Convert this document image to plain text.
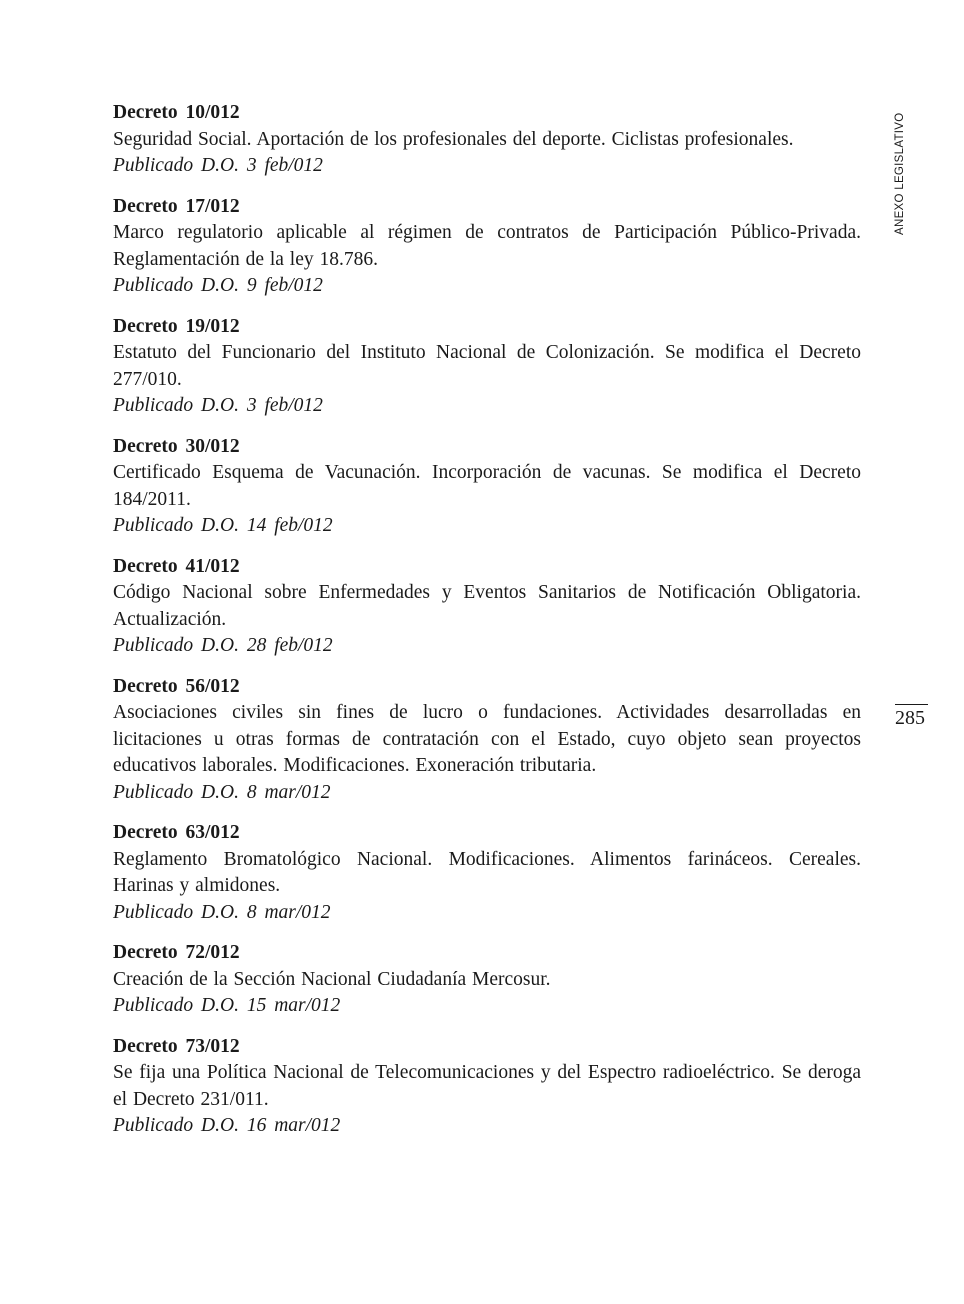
Decreto 10/012
Seguridad Social. Aportación de los profesionales del deporte. Ciclistas profesionales.
Publicado D.O. 3 feb/012
Decreto 17/012
Marco regulatorio aplicable al régimen de contratos de Participación Público-Privada. Reglamentación de la ley 18.786.
Publicado D.O. 9 feb/012
Decreto 19/012
Estatuto del Funcionario del Instituto Nacional de Colonización. Se modifica el Decreto 277/010.
Publicado D.O. 3 feb/012
Decreto 30/012
Certificado Esquema de Vacunación. Incorporación de vacunas. Se modifica el Decreto 184/2011.
Publicado D.O. 14 feb/012
Decreto 41/012
Código Nacional sobre Enfermedades y Eventos Sanitarios de Notificación Obligatoria. Actualización.
Publicado D.O. 28 feb/012
Decreto 56/012
Asociaciones civiles sin fines de lucro o fundaciones. Actividades desarrolladas en licitaciones u otras formas de contratación con el Estado, cuyo objeto sean proyectos educativos laborales. Modificaciones. Exoneración tributaria.
Publicado D.O. 8 mar/012
Decreto 63/012
Reglamento Bromatológico Nacional. Modificaciones. Alimentos farináceos. Cereales. Harinas y almidones.
Publicado D.O. 8 mar/012
Decreto 72/012
Creación de la Sección Nacional Ciudadanía Mercosur.
Publicado D.O. 15 mar/012
Decreto 73/012
Se fija una Política Nacional de Telecomunicaciones y del Espectro radioeléctrico. Se deroga el Decreto 231/011.
Publicado D.O. 16 mar/012
ANEXO LEGISLATIVO
285
